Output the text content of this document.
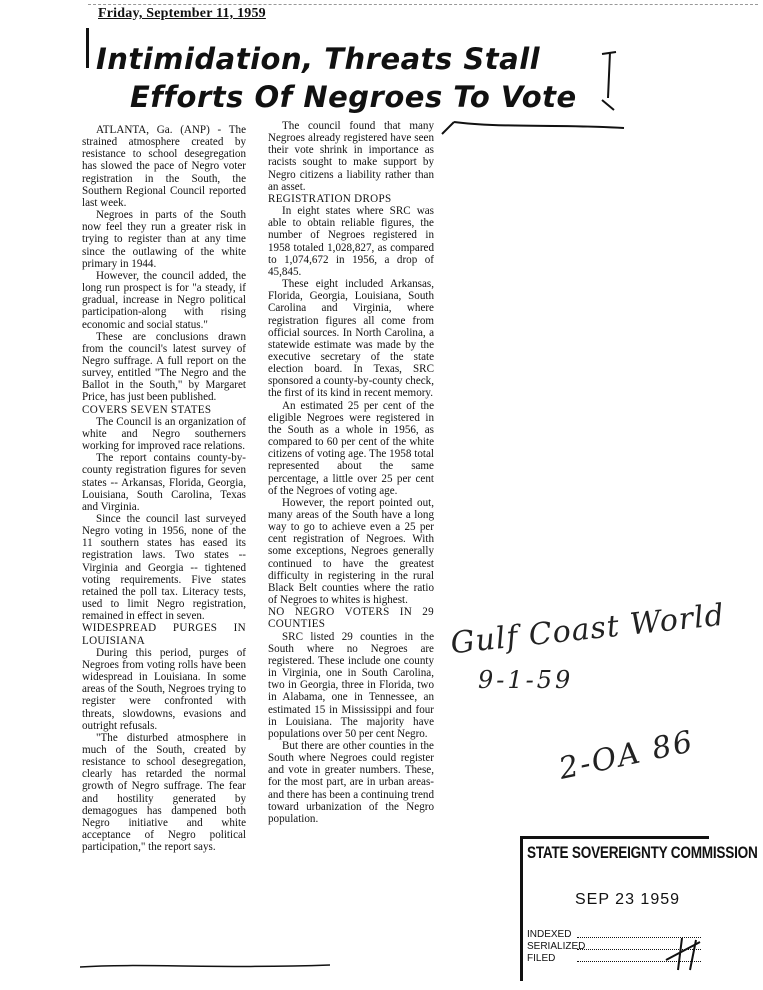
Friday, September 11, 1959
Intimidation, Threats Stall
Efforts Of Negroes To Vote

ATLANTA, Ga. (ANP) - The strained atmosphere created by resistance to school desegregation has slowed the pace of Negro voter registration in the South, the Southern Regional Council reported last week.

Negroes in parts of the South now feel they run a greater risk in trying to register than at any time since the outlawing of the white primary in 1944.

However, the council added, the long run prospect is for "a steady, if gradual, increase in Negro political participation-along with rising economic and social status."

These are conclusions drawn from the council's latest survey of Negro suffrage. A full report on the survey, entitled "The Negro and the Ballot in the South," by Margaret Price, has just been published.

COVERS SEVEN STATES

The Council is an organization of white and Negro southerners working for improved race relations.

The report contains county-by-county registration figures for seven states -- Arkansas, Florida, Georgia, Louisiana, South Carolina, Texas and Virginia.

Since the council last surveyed Negro voting in 1956, none of the 11 southern states has eased its registration laws. Two states -- Virginia and Georgia -- tightened voting requirements. Five states retained the poll tax. Literacy tests, used to limit Negro registration, remained in effect in seven.

WIDESPREAD PURGES IN LOUISIANA

During this period, purges of Negroes from voting rolls have been widespread in Louisiana. In some areas of the South, Negroes trying to register were confronted with threats, slowdowns, evasions and outright refusals.

"The disturbed atmosphere in much of the South, created by resistance to school desegregation, clearly has retarded the normal growth of Negro suffrage. The fear and hostility generated by demagogues has dampened both Negro initiative and white acceptance of Negro political participation," the report says.

The council found that many Negroes already registered have seen their vote shrink in importance as racists sought to make support by Negro citizens a liability rather than an asset.

REGISTRATION DROPS

In eight states where SRC was able to obtain reliable figures, the number of Negroes registered in 1958 totaled 1,028,827, as compared to 1,074,672 in 1956, a drop of 45,845.

These eight included Arkansas, Florida, Georgia, Louisiana, South Carolina and Virginia, where registration figures all come from official sources. In North Carolina, a statewide estimate was made by the executive secretary of the state election board. In Texas, SRC sponsored a county-by-county check, the first of its kind in recent memory.

An estimated 25 per cent of the eligible Negroes were registered in the South as a whole in 1956, as compared to 60 per cent of the white citizens of voting age. The 1958 total represented about the same percentage, a little over 25 per cent of the Negroes of voting age.

However, the report pointed out, many areas of the South have a long way to go to achieve even a 25 per cent registration of Negroes. With some exceptions, Negroes generally continued to have the greatest difficulty in registering in the rural Black Belt counties where the ratio of Negroes to whites is highest.

NO NEGRO VOTERS IN 29 COUNTIES

SRC listed 29 counties in the South where no Negroes are registered. These include one county in Virginia, one in South Carolina, two in Georgia, three in Florida, two in Alabama, one in Tennessee, an estimated 15 in Mississippi and four in Louisiana. The majority have populations over 50 per cent Negro.

But there are other counties in the South where Negroes could register and vote in greater numbers. These, for the most part, are in urban areas-and there has been a continuing trend toward urbanization of the Negro population.

Gulf Coast World
9-1-59
2-OA 86
STATE SOVEREIGNTY COMMISSION
SEP 23 1959
INDEXED
SERIALIZED
FILED
